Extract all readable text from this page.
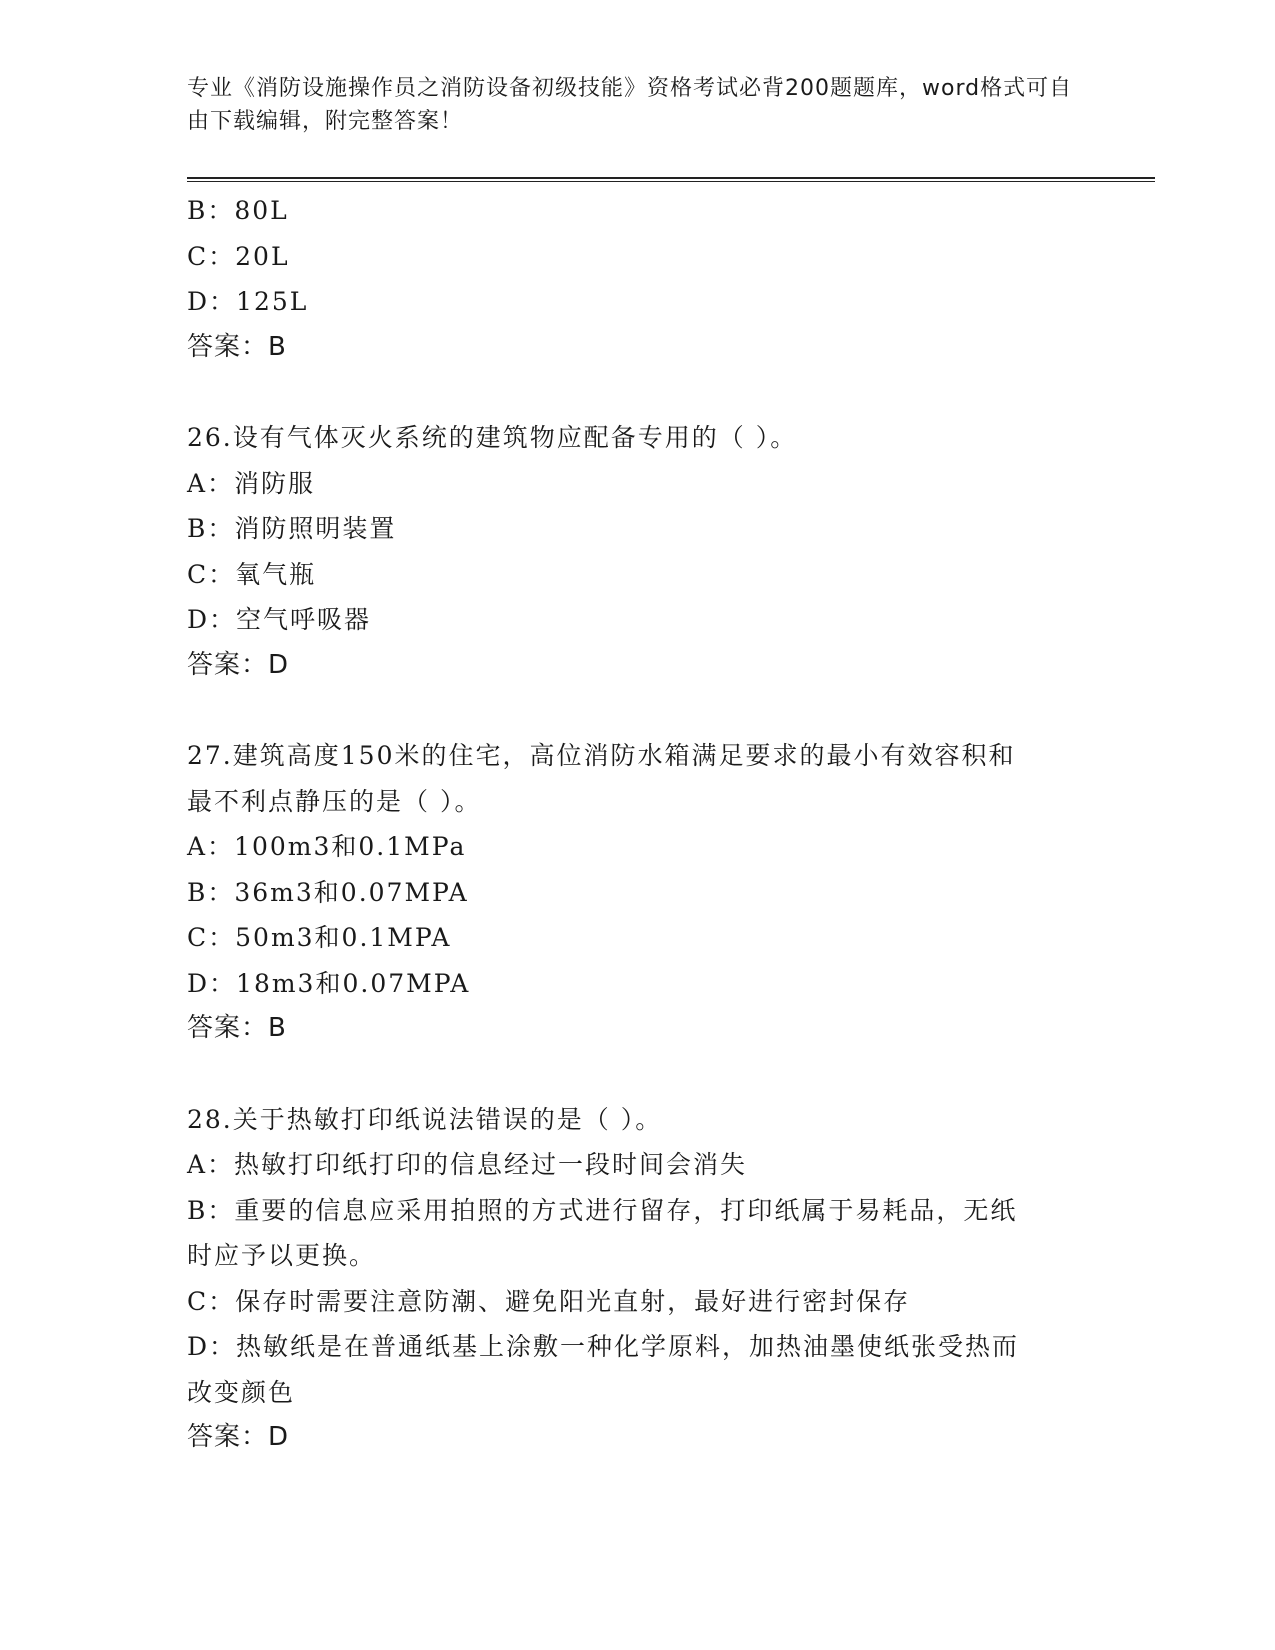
专业《消防设施操作员之消防设备初级技能》资格考试必背200题题库，word格式可自由下载编辑，附完整答案！
B：80L
C：20L
D：125L
答案：B
26.设有气体灭火系统的建筑物应配备专用的（ ）。
A：消防服
B：消防照明装置
C：氧气瓶
D：空气呼吸器
答案：D
27.建筑高度150米的住宅，高位消防水箱满足要求的最小有效容积和
最不利点静压的是（ ）。
A：100m3和0.1MPa
B：36m3和0.07MPA
C：50m3和0.1MPA
D：18m3和0.07MPA
答案：B
28.关于热敏打印纸说法错误的是（ ）。
A：热敏打印纸打印的信息经过一段时间会消失
B：重要的信息应采用拍照的方式进行留存，打印纸属于易耗品，无纸
时应予以更换。
C：保存时需要注意防潮、避免阳光直射，最好进行密封保存
D：热敏纸是在普通纸基上涂敷一种化学原料，加热油墨使纸张受热而
改变颜色
答案：D
